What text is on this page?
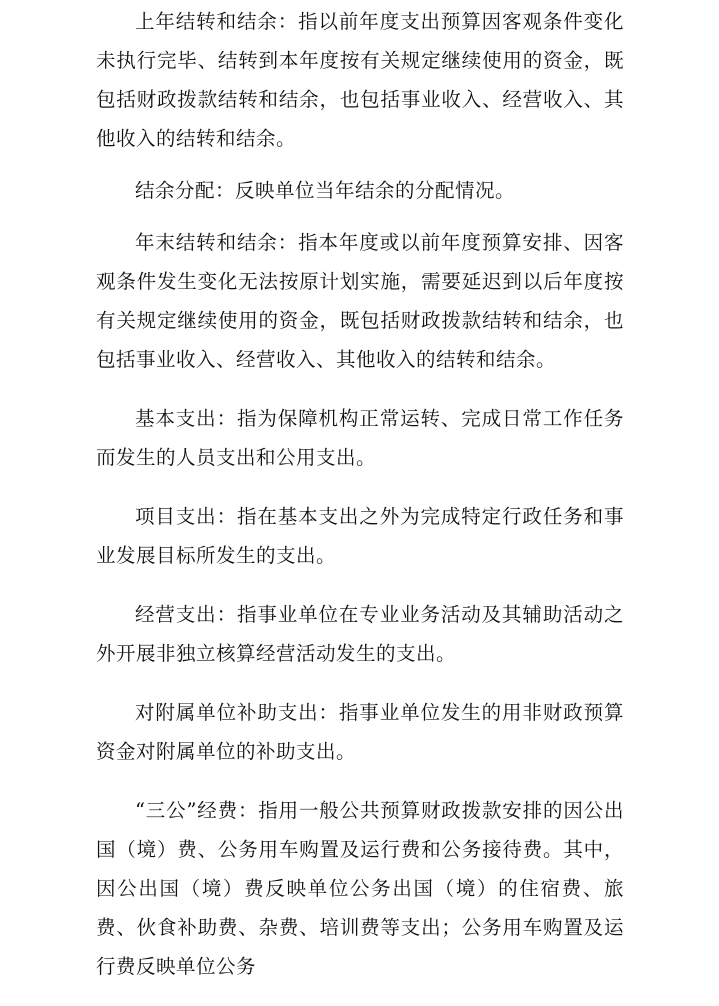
上年结转和结余：指以前年度支出预算因客观条件变化未执行完毕、结转到本年度按有关规定继续使用的资金，既包括财政拨款结转和结余，也包括事业收入、经营收入、其他收入的结转和结余。

结余分配：反映单位当年结余的分配情况。

年末结转和结余：指本年度或以前年度预算安排、因客观条件发生变化无法按原计划实施，需要延迟到以后年度按有关规定继续使用的资金，既包括财政拨款结转和结余，也包括事业收入、经营收入、其他收入的结转和结余。

基本支出：指为保障机构正常运转、完成日常工作任务而发生的人员支出和公用支出。

项目支出：指在基本支出之外为完成特定行政任务和事业发展目标所发生的支出。

经营支出：指事业单位在专业业务活动及其辅助活动之外开展非独立核算经营活动发生的支出。

对附属单位补助支出：指事业单位发生的用非财政预算资金对附属单位的补助支出。

“三公”经费：指用一般公共预算财政拨款安排的因公出国（境）费、公务用车购置及运行费和公务接待费。其中，因公出国（境）费反映单位公务出国（境）的住宿费、旅费、伙食补助费、杂费、培训费等支出；公务用车购置及运行费反映单位公务
